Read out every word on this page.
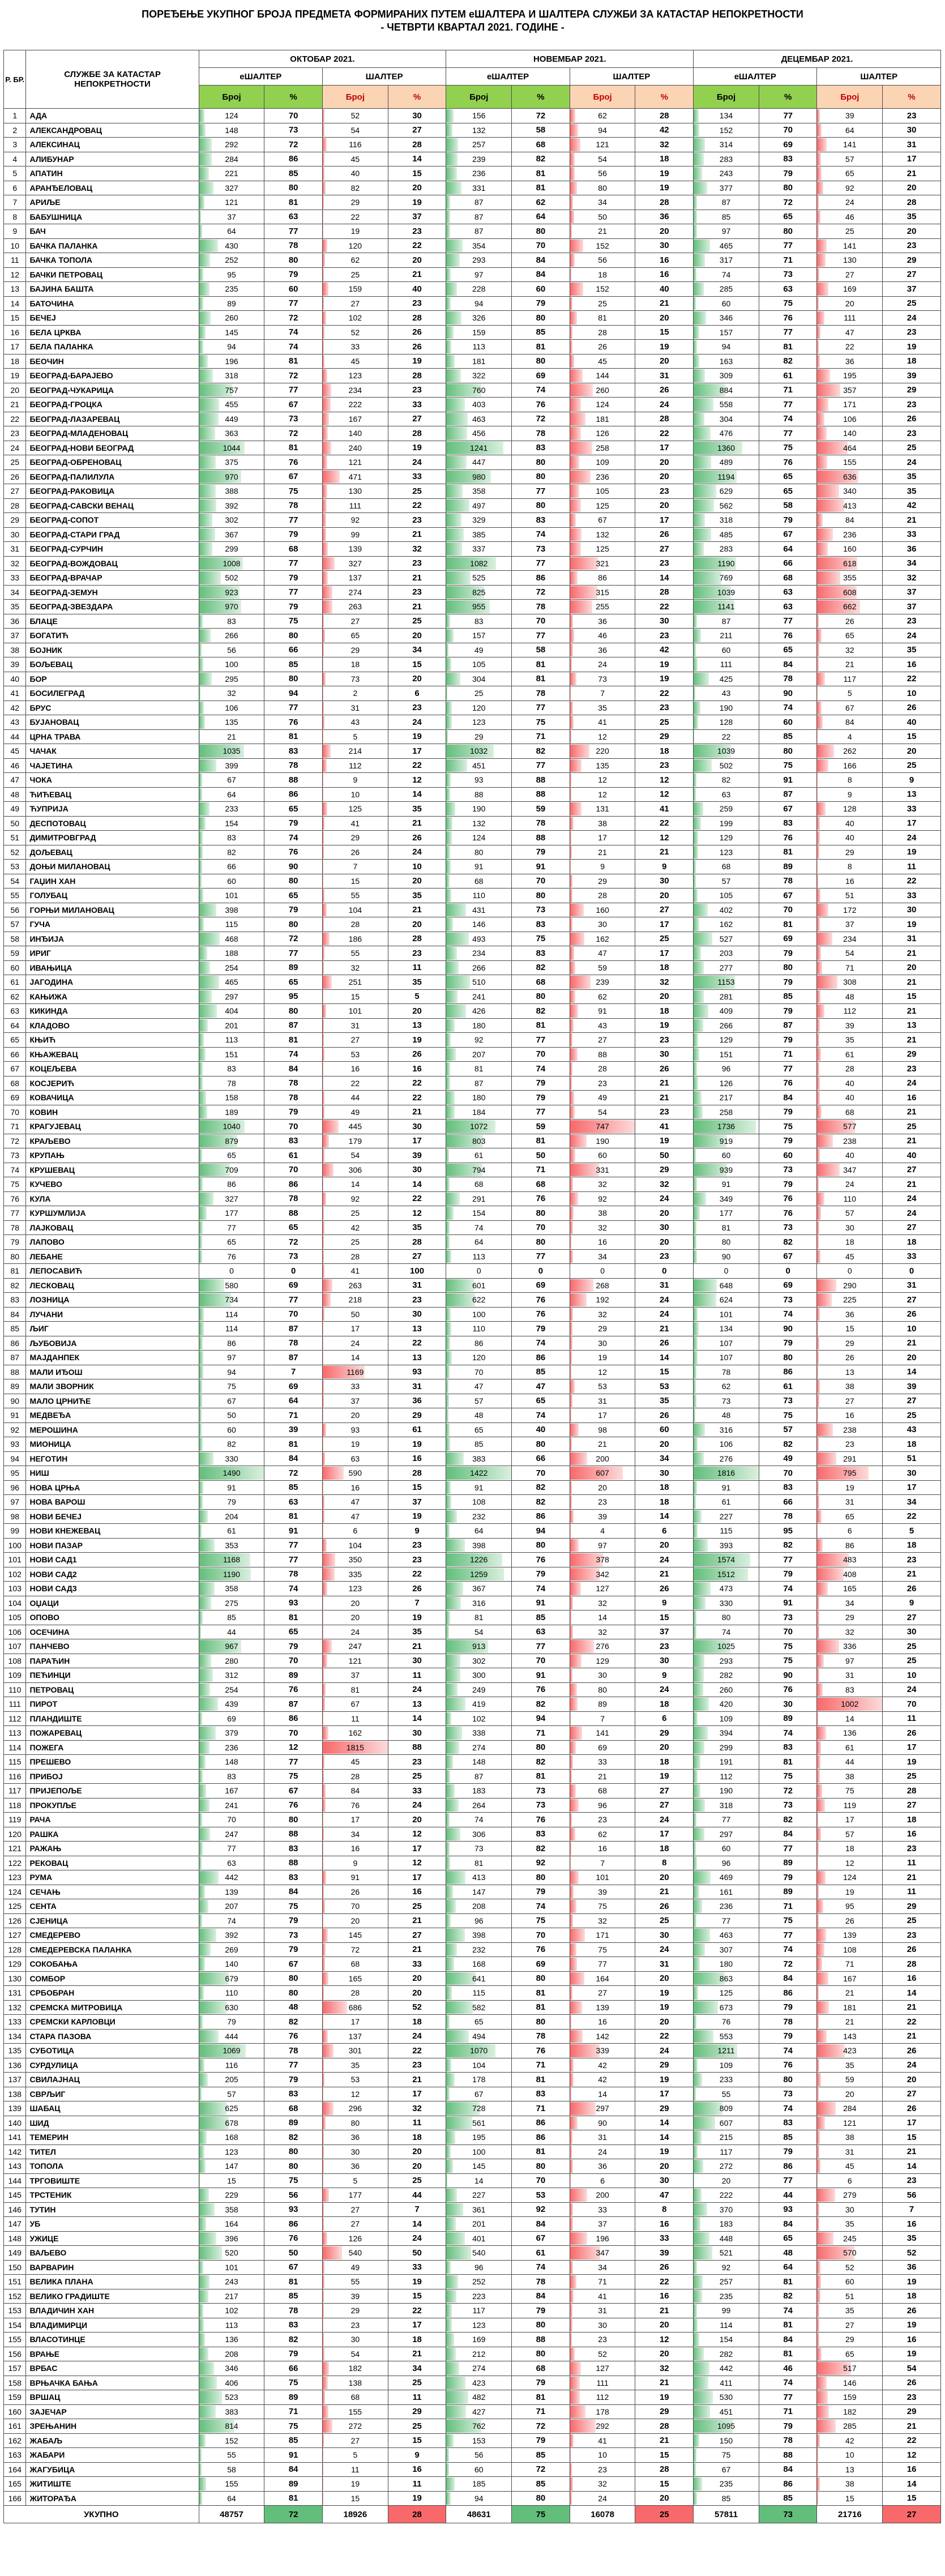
ПОРЕЂЕЊЕ УКУПНОГ БРОЈА ПРЕДМЕТА ФОРМИРАНИХ ПУТЕМ еШАЛТЕРА И ШАЛТЕРА СЛУЖБИ ЗА КАТАСТАР НЕПОКРЕТНОСТИ
- ЧЕТВРТИ КВАРТАЛ 2021. ГОДИНЕ -
Р. БР.	СЛУЖБЕ ЗА КАТАСТАР НЕПОКРЕТНОСТИ	ОКТОБАР 2021.				НОВЕМБАР 2021.				ДЕЦЕМБАР 2021.			
		еШАЛТЕР		ШАЛТЕР		еШАЛТЕР		ШАЛТЕР		еШАЛТЕР		ШАЛТЕР	
		Број	%	Број	%	Број	%	Број	%	Број	%	Број	%
1	АДА	124	70	52	30	156	72	62	28	134	77	39	23
2	АЛЕКСАНДРОВАЦ	148	73	54	27	132	58	94	42	152	70	64	30
3	АЛЕКСИНАЦ	292	72	116	28	257	68	121	32	314	69	141	31
4	АЛИБУНАР	284	86	45	14	239	82	54	18	283	83	57	17
5	АПАТИН	221	85	40	15	236	81	56	19	243	79	65	21
6	АРАНЂЕЛОВАЦ	327	80	82	20	331	81	80	19	377	80	92	20
7	АРИЉЕ	121	81	29	19	87	62	34	28	87	72	24	28
8	БАБУШНИЦА	37	63	22	37	87	64	50	36	85	65	46	35
9	БАЧ	64	77	19	23	87	80	21	20	97	80	25	20
10	БАЧКА ПАЛАНКА	430	78	120	22	354	70	152	30	465	77	141	23
11	БАЧКА ТОПОЛА	252	80	62	20	293	84	56	16	317	71	130	29
12	БАЧКИ ПЕТРОВАЦ	95	79	25	21	97	84	18	16	74	73	27	27
13	БАЈИНА БАШТА	235	60	159	40	228	60	152	40	285	63	169	37
14	БАТОЧИНА	89	77	27	23	94	79	25	21	60	75	20	25
15	БЕЧЕЈ	260	72	102	28	326	80	81	20	346	76	111	24
16	БЕЛА ЦРКВА	145	74	52	26	159	85	28	15	157	77	47	23
17	БЕЛА ПАЛАНКА	94	74	33	26	113	81	26	19	94	81	22	19
18	БЕОЧИН	196	81	45	19	181	80	45	20	163	82	36	18
19	БЕОГРАД-БАРАЈЕВО	318	72	123	28	322	69	144	31	309	61	195	39
20	БЕОГРАД-ЧУКАРИЦА	757	77	234	23	760	74	260	26	884	71	357	29
21	БЕОГРАД-ГРОЦКА	455	67	222	33	403	76	124	24	558	77	171	23
22	БЕОГРАД-ЛАЗАРЕВАЦ	449	73	167	27	463	72	181	28	304	74	106	26
23	БЕОГРАД-МЛАДЕНОВАЦ	363	72	140	28	456	78	126	22	476	77	140	23
24	БЕОГРАД-НОВИ БЕОГРАД	1044	81	240	19	1241	83	258	17	1360	75	464	25
25	БЕОГРАД-ОБРЕНОВАЦ	375	76	121	24	447	80	109	20	489	76	155	24
26	БЕОГРАД-ПАЛИЛУЛА	970	67	471	33	980	80	236	20	1194	65	636	35
27	БЕОГРАД-РАКОВИЦА	388	75	130	25	358	77	105	23	629	65	340	35
28	БЕОГРАД-САВСКИ ВЕНАЦ	392	78	111	22	497	80	125	20	562	58	413	42
29	БЕОГРАД-СОПОТ	302	77	92	23	329	83	67	17	318	79	84	21
30	БЕОГРАД-СТАРИ ГРАД	367	79	99	21	385	74	132	26	485	67	236	33
31	БЕОГРАД-СУРЧИН	299	68	139	32	337	73	125	27	283	64	160	36
32	БЕОГРАД-ВОЖДОВАЦ	1008	77	327	23	1082	77	321	23	1190	66	618	34
33	БЕОГРАД-ВРАЧАР	502	79	137	21	525	86	86	14	769	68	355	32
34	БЕОГРАД-ЗЕМУН	923	77	274	23	825	72	315	28	1039	63	608	37
35	БЕОГРАД-ЗВЕЗДАРА	970	79	263	21	955	78	255	22	1141	63	662	37
36	БЛАЦЕ	83	75	27	25	83	70	36	30	87	77	26	23
37	БОГАТИЋ	266	80	65	20	157	77	46	23	211	76	65	24
38	БОЈНИК	56	66	29	34	49	58	36	42	60	65	32	35
39	БОЉЕВАЦ	100	85	18	15	105	81	24	19	111	84	21	16
40	БОР	295	80	73	20	304	81	73	19	425	78	117	22
41	БОСИЛЕГРАД	32	94	2	6	25	78	7	22	43	90	5	10
42	БРУС	106	77	31	23	120	77	35	23	190	74	67	26
43	БУЈАНОВАЦ	135	76	43	24	123	75	41	25	128	60	84	40
44	ЦРНА ТРАВА	21	81	5	19	29	71	12	29	22	85	4	15
45	ЧАЧАК	1035	83	214	17	1032	82	220	18	1039	80	262	20
46	ЧАЈЕТИНА	399	78	112	22	451	77	135	23	502	75	166	25
47	ЧОКА	67	88	9	12	93	88	12	12	82	91	8	9
48	ЋИЋЕВАЦ	64	86	10	14	88	88	12	12	63	87	9	13
49	ЋУПРИЈА	233	65	125	35	190	59	131	41	259	67	128	33
50	ДЕСПОТОВАЦ	154	79	41	21	132	78	38	22	199	83	40	17
51	ДИМИТРОВГРАД	83	74	29	26	124	88	17	12	129	76	40	24
52	ДОЉЕВАЦ	82	76	26	24	80	79	21	21	123	81	29	19
53	ДОЊИ МИЛАНОВАЦ	66	90	7	10	91	91	9	9	68	89	8	11
54	ГАЏИН ХАН	60	80	15	20	68	70	29	30	57	78	16	22
55	ГОЛУБАЦ	101	65	55	35	110	80	28	20	105	67	51	33
56	ГОРЊИ МИЛАНОВАЦ	398	79	104	21	431	73	160	27	402	70	172	30
57	ГУЧА	115	80	28	20	146	83	30	17	162	81	37	19
58	ИНЂИЈА	468	72	186	28	493	75	162	25	527	69	234	31
59	ИРИГ	188	77	55	23	234	83	47	17	203	79	54	21
60	ИВАЊИЦА	254	89	32	11	266	82	59	18	277	80	71	20
61	ЈАГОДИНА	465	65	251	35	510	68	239	32	1153	79	308	21
62	КАЊИЖА	297	95	15	5	241	80	62	20	281	85	48	15
63	КИКИНДА	404	80	101	20	426	82	91	18	409	79	112	21
64	КЛАДОВО	201	87	31	13	180	81	43	19	266	87	39	13
65	КЊИЋ	113	81	27	19	92	77	27	23	129	79	35	21
66	КЊАЖЕВАЦ	151	74	53	26	207	70	88	30	151	71	61	29
67	КОЦЕЉЕВА	83	84	16	16	81	74	28	26	96	77	28	23
68	КОСЈЕРИЋ	78	78	22	22	87	79	23	21	126	76	40	24
69	КОВАЧИЦА	158	78	44	22	180	79	49	21	217	84	40	16
70	КОВИН	189	79	49	21	184	77	54	23	258	79	68	21
71	КРАГУЈЕВАЦ	1040	70	445	30	1072	59	747	41	1736	75	577	25
72	КРАЉЕВО	879	83	179	17	803	81	190	19	919	79	238	21
73	КРУПАЊ	65	61	54	39	61	50	60	50	60	60	40	40
74	КРУШЕВАЦ	709	70	306	30	794	71	331	29	939	73	347	27
75	КУЧЕВО	86	86	14	14	68	68	32	32	91	79	24	21
76	КУЛА	327	78	92	22	291	76	92	24	349	76	110	24
77	КУРШУМЛИЈА	177	88	25	12	154	80	38	20	177	76	57	24
78	ЛАЈКОВАЦ	77	65	42	35	74	70	32	30	81	73	30	27
79	ЛАПОВО	65	72	25	28	64	80	16	20	80	82	18	18
80	ЛЕБАНЕ	76	73	28	27	113	77	34	23	90	67	45	33
81	ЛЕПОСАВИЋ	0	0	41	100	0	0	0	0	0	0	0	0
82	ЛЕСКОВАЦ	580	69	263	31	601	69	268	31	648	69	290	31
83	ЛОЗНИЦА	734	77	218	23	622	76	192	24	624	73	225	27
84	ЛУЧАНИ	114	70	50	30	100	76	32	24	101	74	36	26
85	ЉИГ	114	87	17	13	110	79	29	21	134	90	15	10
86	ЉУБОВИЈА	86	78	24	22	86	74	30	26	107	79	29	21
87	МАЈДАНПЕК	97	87	14	13	120	86	19	14	107	80	26	20
88	МАЛИ ИЂОШ	94	7	1169	93	70	85	12	15	78	86	13	14
89	МАЛИ ЗВОРНИК	75	69	33	31	47	47	53	53	62	61	38	39
90	МАЛО ЦРНИЋЕ	67	64	37	36	57	65	31	35	73	73	27	27
91	МЕДВЕЂА	50	71	20	29	48	74	17	26	48	75	16	25
92	МЕРОШИНА	60	39	93	61	65	40	98	60	316	57	238	43
93	МИОНИЦА	82	81	19	19	85	80	21	20	106	82	23	18
94	НЕГОТИН	330	84	63	16	383	66	200	34	276	49	291	51
95	НИШ	1490	72	590	28	1422	70	607	30	1816	70	795	30
96	НОВА ЦРЊА	91	85	16	15	91	82	20	18	91	83	19	17
97	НОВА ВАРОШ	79	63	47	37	108	82	23	18	61	66	31	34
98	НОВИ БЕЧЕЈ	204	81	47	19	232	86	39	14	227	78	65	22
99	НОВИ КНЕЖЕВАЦ	61	91	6	9	64	94	4	6	115	95	6	5
100	НОВИ ПАЗАР	353	77	104	23	398	80	97	20	393	82	86	18
101	НОВИ САД1	1168	77	350	23	1226	76	378	24	1574	77	483	23
102	НОВИ САД2	1190	78	335	22	1259	79	342	21	1512	79	408	21
103	НОВИ САД3	358	74	123	26	367	74	127	26	473	74	165	26
104	ОЏАЦИ	275	93	20	7	316	91	32	9	330	91	34	9
105	ОПОВО	85	81	20	19	81	85	14	15	80	73	29	27
106	ОСЕЧИНА	44	65	24	35	54	63	32	37	74	70	32	30
107	ПАНЧЕВО	967	79	247	21	913	77	276	23	1025	75	336	25
108	ПАРАЋИН	280	70	121	30	302	70	129	30	293	75	97	25
109	ПЕЋИНЦИ	312	89	37	11	300	91	30	9	282	90	31	10
110	ПЕТРОВАЦ	254	76	81	24	249	76	80	24	260	76	83	24
111	ПИРОТ	439	87	67	13	419	82	89	18	420	30	1002	70
112	ПЛАНДИШТЕ	69	86	11	14	102	94	7	6	109	89	14	11
113	ПОЖАРЕВАЦ	379	70	162	30	338	71	141	29	394	74	136	26
114	ПОЖЕГА	236	12	1815	88	274	80	69	20	299	83	61	17
115	ПРЕШЕВО	148	77	45	23	148	82	33	18	191	81	44	19
116	ПРИБОЈ	83	75	28	25	87	81	21	19	112	75	38	25
117	ПРИЈЕПОЉЕ	167	67	84	33	183	73	68	27	190	72	75	28
118	ПРОКУПЉЕ	241	76	76	24	264	73	96	27	318	73	119	27
119	РАЧА	70	80	17	20	74	76	23	24	77	82	17	18
120	РАШКА	247	88	34	12	306	83	62	17	297	84	57	16
121	РАЖАЊ	77	83	16	17	73	82	16	18	60	77	18	23
122	РЕКОВАЦ	63	88	9	12	81	92	7	8	96	89	12	11
123	РУМА	442	83	91	17	413	80	101	20	469	79	124	21
124	СЕЧАЊ	139	84	26	16	147	79	39	21	161	89	19	11
125	СЕНТА	207	75	70	25	208	74	75	26	236	71	95	29
126	СЈЕНИЦА	74	79	20	21	96	75	32	25	77	75	26	25
127	СМЕДЕРЕВО	392	73	145	27	398	70	171	30	463	77	139	23
128	СМЕДЕРЕВСКА ПАЛАНКА	269	79	72	21	232	76	75	24	307	74	108	26
129	СОКОБАЊА	140	67	68	33	168	69	77	31	180	72	71	28
130	СОМБОР	679	80	165	20	641	80	164	20	863	84	167	16
131	СРБОБРАН	110	80	28	20	115	81	27	19	125	86	21	14
132	СРЕМСКА МИТРОВИЦА	630	48	686	52	582	81	139	19	673	79	181	21
133	СРЕМСКИ КАРЛОВЦИ	79	82	17	18	65	80	16	20	76	78	21	22
134	СТАРА ПАЗОВА	444	76	137	24	494	78	142	22	553	79	143	21
135	СУБОТИЦА	1069	78	301	22	1070	76	339	24	1211	74	423	26
136	СУРДУЛИЦА	116	77	35	23	104	71	42	29	109	76	35	24
137	СВИЛАЈНАЦ	205	79	53	21	178	81	42	19	233	80	59	20
138	СВРЉИГ	57	83	12	17	67	83	14	17	55	73	20	27
139	ШАБАЦ	625	68	296	32	728	71	297	29	809	74	284	26
140	ШИД	678	89	80	11	561	86	90	14	607	83	121	17
141	ТЕМЕРИН	168	82	36	18	195	86	31	14	215	85	38	15
142	ТИТЕЛ	123	80	30	20	100	81	24	19	117	79	31	21
143	ТОПОЛА	147	80	36	20	145	80	36	20	272	86	45	14
144	ТРГОВИШТЕ	15	75	5	25	14	70	6	30	20	77	6	23
145	ТРСТЕНИК	229	56	177	44	227	53	200	47	222	44	279	56
146	ТУТИН	358	93	27	7	361	92	33	8	370	93	30	7
147	УБ	164	86	27	14	201	84	37	16	183	84	35	16
148	УЖИЦЕ	396	76	126	24	401	67	196	33	448	65	245	35
149	ВАЉЕВО	520	50	540	50	540	61	347	39	521	48	570	52
150	ВАРВАРИН	101	67	49	33	96	74	34	26	92	64	52	36
151	ВЕЛИКА ПЛАНА	243	81	55	19	252	78	71	22	257	81	60	19
152	ВЕЛИКО ГРАДИШТЕ	217	85	39	15	223	84	41	16	235	82	51	18
153	ВЛАДИЧИН ХАН	102	78	29	22	117	79	31	21	99	74	35	26
154	ВЛАДИМИРЦИ	113	83	23	17	123	80	30	20	114	81	27	19
155	ВЛАСОТИНЦЕ	136	82	30	18	169	88	23	12	154	84	29	16
156	ВРАЊЕ	208	79	54	21	212	80	52	20	282	81	65	19
157	ВРБАС	346	66	182	34	274	68	127	32	442	46	517	54
158	ВРЊАЧКА БАЊА	406	75	138	25	423	79	111	21	411	74	146	26
159	ВРШАЦ	523	89	68	11	482	81	112	19	530	77	159	23
160	ЗАЈЕЧАР	383	71	155	29	427	71	178	29	451	71	182	29
161	ЗРЕЊАНИН	814	75	272	25	762	72	292	28	1095	79	285	21
162	ЖАБАЉ	152	85	27	15	153	79	41	21	150	78	42	22
163	ЖАБАРИ	55	91	5	9	56	85	10	15	75	88	10	12
164	ЖАГУБИЦА	58	84	11	16	60	72	23	28	67	84	13	16
165	ЖИТИШТЕ	155	89	19	11	185	85	32	15	235	86	38	14
166	ЖИТОРАЂА	64	81	15	19	94	80	24	20	85	85	15	15
УКУПНО		48757	72	18926	28	48631	75	16078	25	57811	73	21716	27
